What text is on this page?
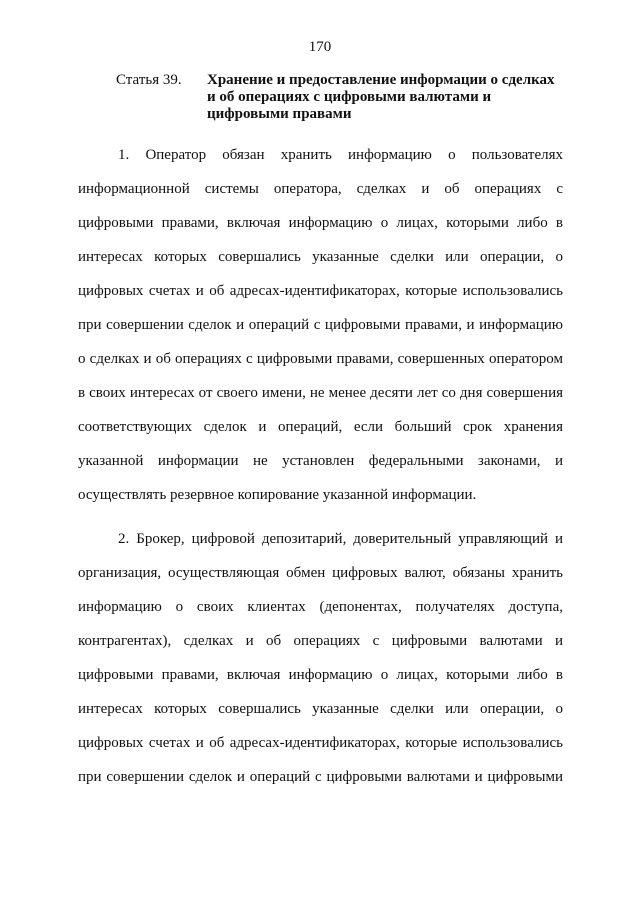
170
Статья 39. Хранение и предоставление информации о сделках
и об операциях с цифровыми валютами и
цифровыми правами
1. Оператор обязан хранить информацию о пользователях
информационной системы оператора, сделках и об операциях с
цифровыми правами, включая информацию о лицах, которыми либо в
интересах которых совершались указанные сделки или операции, о
цифровых счетах и об адресах-идентификаторах, которые использовались
при совершении сделок и операций с цифровыми правами, и информацию
о сделках и об операциях с цифровыми правами, совершенных оператором
в своих интересах от своего имени, не менее десяти лет со дня совершения
соответствующих сделок и операций, если больший срок хранения
указанной информации не установлен федеральными законами, и
осуществлять резервное копирование указанной информации.
2. Брокер, цифровой депозитарий, доверительный управляющий и
организация, осуществляющая обмен цифровых валют, обязаны хранить
информацию о своих клиентах (депонентах, получателях доступа,
контрагентах), сделках и об операциях с цифровыми валютами и
цифровыми правами, включая информацию о лицах, которыми либо в
интересах которых совершались указанные сделки или операции, о
цифровых счетах и об адресах-идентификаторах, которые использовались
при совершении сделок и операций с цифровыми валютами и цифровыми
